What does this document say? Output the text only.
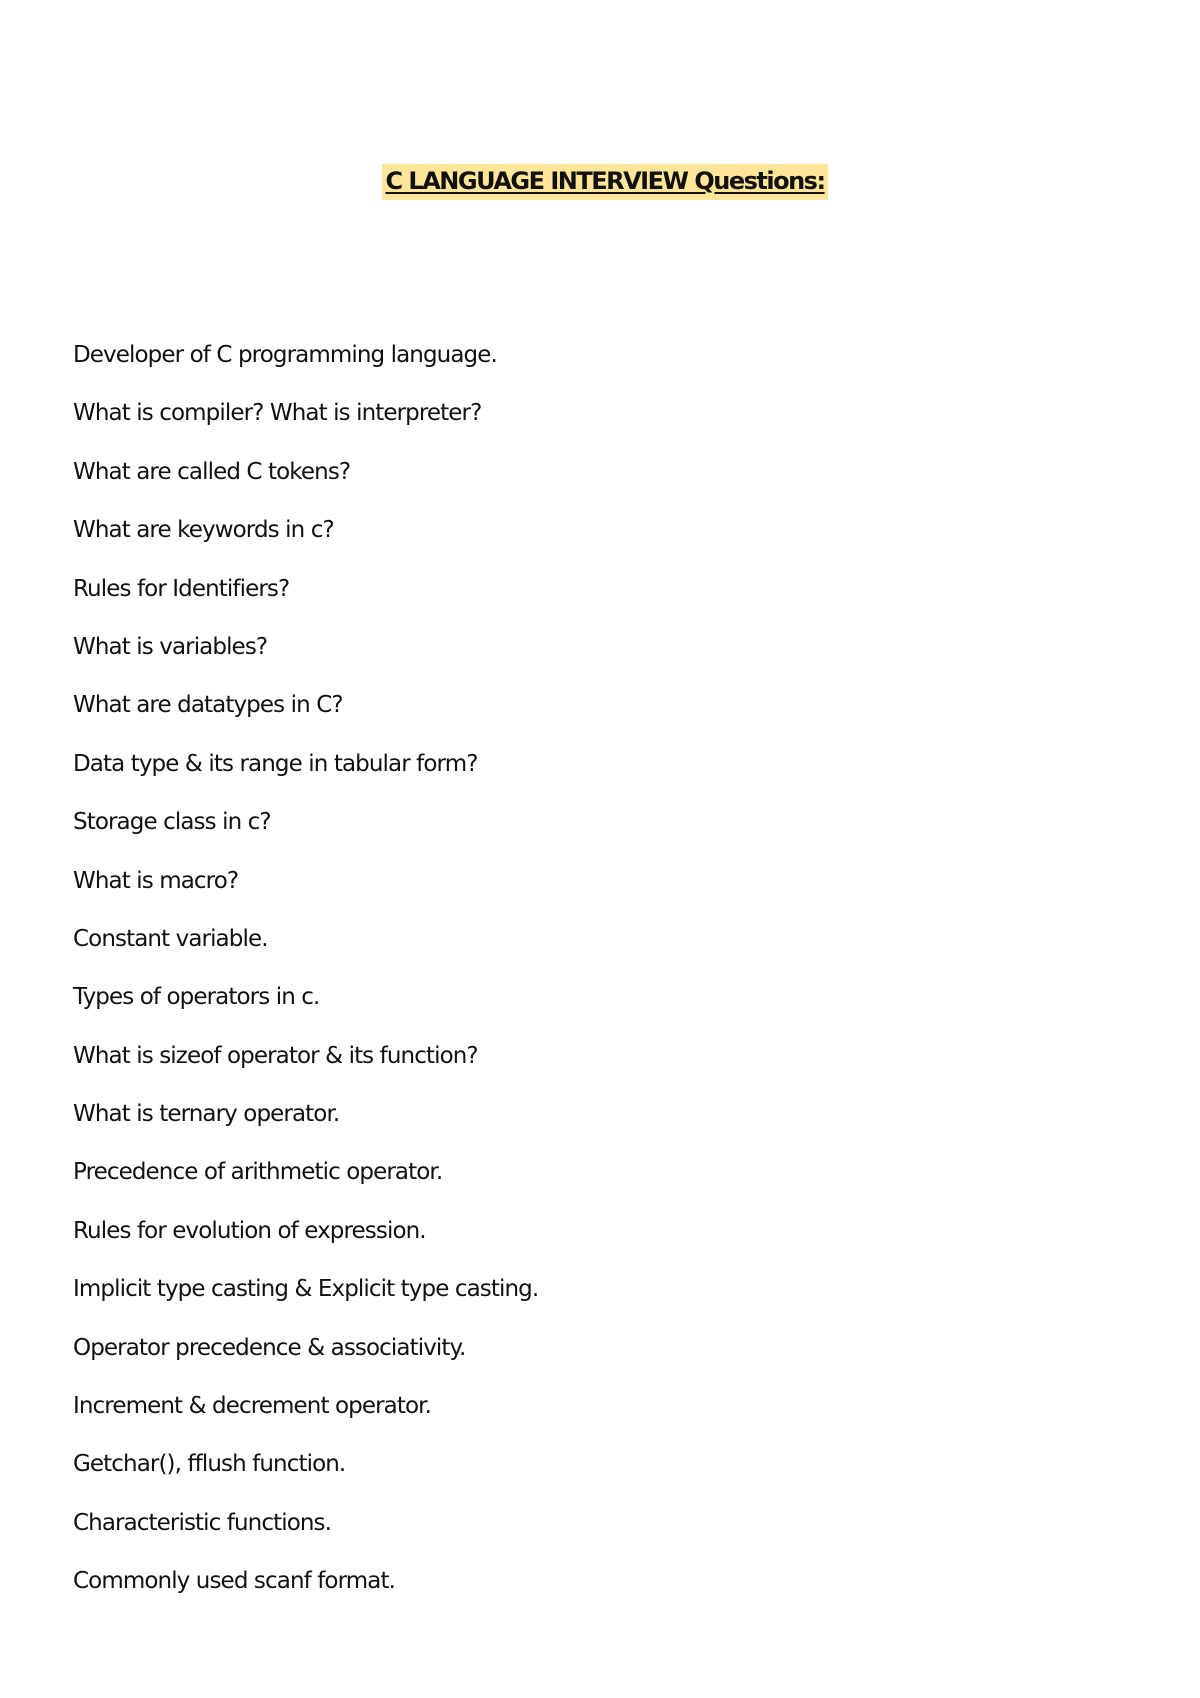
C LANGUAGE INTERVIEW Questions:
Developer of C programming language.
What is compiler? What is interpreter?
What are called C tokens?
What are keywords in c?
Rules for Identifiers?
What is variables?
What are datatypes in C?
Data type & its range in tabular form?
Storage class in c?
What is macro?
Constant variable.
Types of operators in c.
What is sizeof operator & its function?
What is ternary operator.
Precedence of arithmetic operator.
Rules for evolution of expression.
Implicit type casting & Explicit type casting.
Operator precedence & associativity.
Increment & decrement operator.
Getchar(), fflush function.
Characteristic functions.
Commonly used scanf format.
